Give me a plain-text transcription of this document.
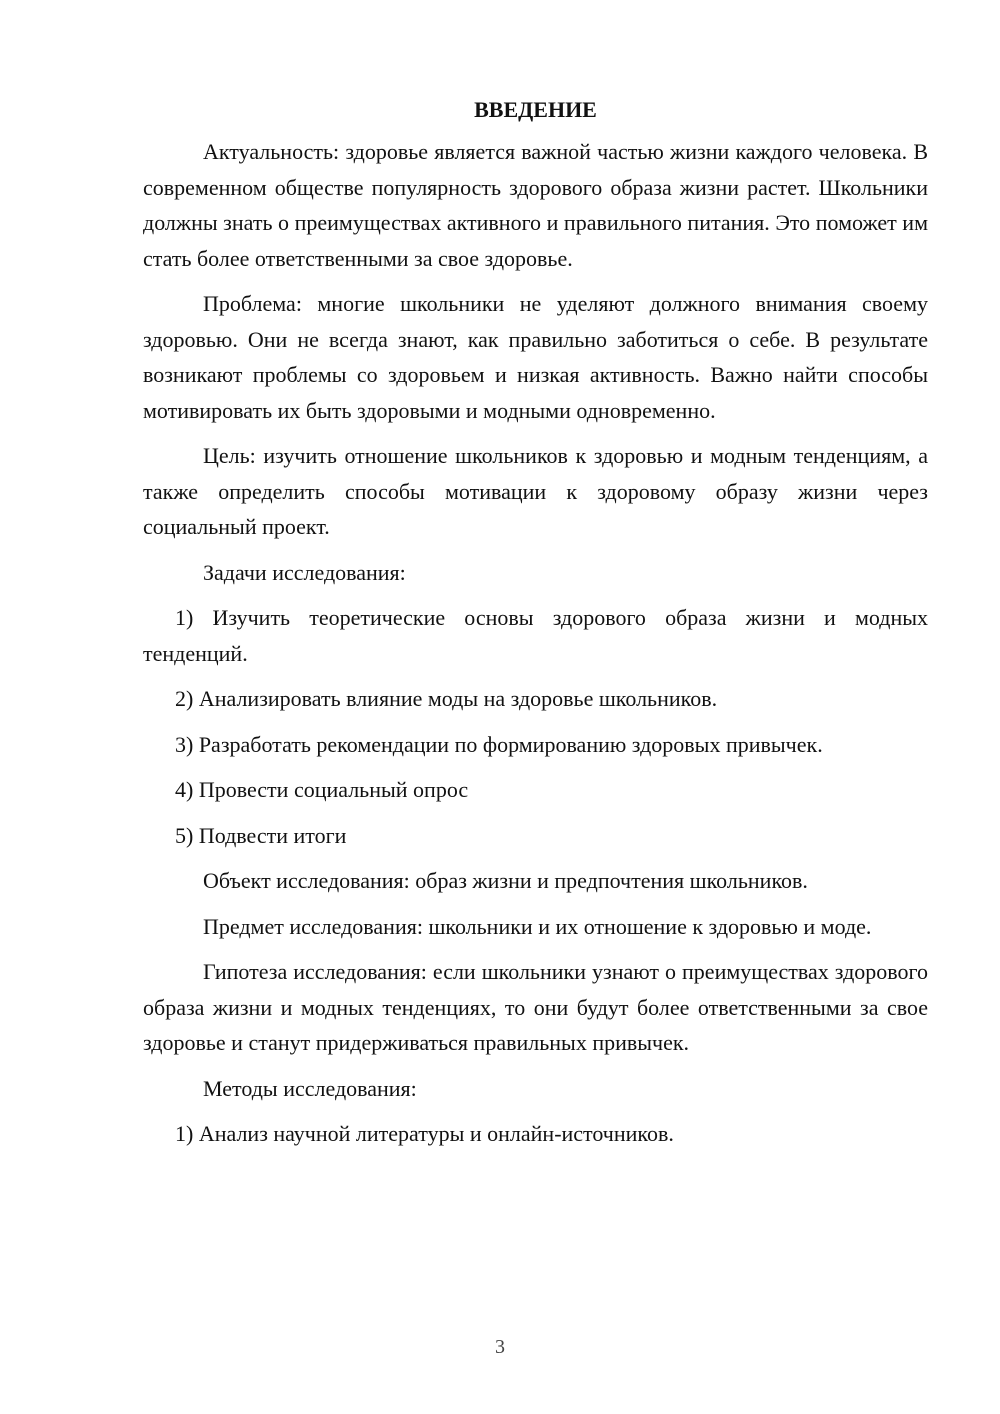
ВВЕДЕНИЕ

Актуальность: здоровье является важной частью жизни каждого человека. В современном обществе популярность здорового образа жизни растет. Школьники должны знать о преимуществах активного и правильного питания. Это поможет им стать более ответственными за свое здоровье.

Проблема: многие школьники не уделяют должного внимания своему здоровью. Они не всегда знают, как правильно заботиться о себе. В результате возникают проблемы со здоровьем и низкая активность. Важно найти способы мотивировать их быть здоровыми и модными одновременно.

Цель: изучить отношение школьников к здоровью и модным тенденциям, а также определить способы мотивации к здоровому образу жизни через социальный проект.

Задачи исследования:

1) Изучить теоретические основы здорового образа жизни и модных тенденций.

2) Анализировать влияние моды на здоровье школьников.

3) Разработать рекомендации по формированию здоровых привычек.

4) Провести социальный опрос

5) Подвести итоги

Объект исследования: образ жизни и предпочтения школьников.

Предмет исследования: школьники и их отношение к здоровью и моде.

Гипотеза исследования: если школьники узнают о преимуществах здорового образа жизни и модных тенденциях, то они будут более ответственными за свое здоровье и станут придерживаться правильных привычек.

Методы исследования:

1) Анализ научной литературы и онлайн-источников.

3
